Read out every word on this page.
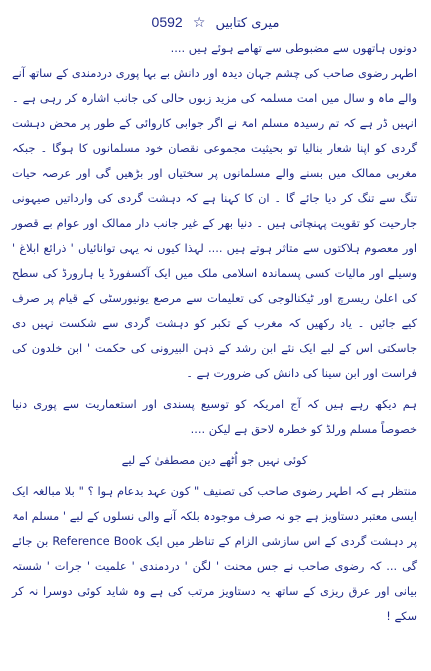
میری کتابیں ☆ 0592

دونوں ہاتھوں سے مضبوطی سے تھامے ہوئے ہیں ....

اطہر رضوی صاحب کی چشم جہان دیدہ اور دانش بے بہا پوری دردمندی کے ساتھ آنے والے ماہ و سال میں امت مسلمہ کی مزید زبوں حالی کی جانب اشارہ کر رہی ہے ۔ انہیں ڈر ہے کہ تم رسیدہ مسلم امۃ نے اگر جوابی کاروائی کے طور پر محض دہشت گردی کو اپنا شعار بنالیا تو بحیثیت مجموعی نقصان خود مسلمانوں کا ہوگا ۔ جبکہ مغربی ممالک میں بسنے والے مسلمانوں پر سختیاں اور بڑھیں گی اور عرصہ حیات تنگ سے تنگ کر دیا جائے گا ۔ ان کا کہنا ہے کہ دہشت گردی کی وارداتیں صیہونی جارحیت کو تقویت پہنچاتی ہیں ۔ دنیا بھر کے غیر جانب دار ممالک اور عوام بے قصور اور معصوم ہلاکتوں سے متاثر ہوتے ہیں .... لہذا کیوں نہ یہی توانائیاں ' ذرائع ابلاغ ' وسیلے اور مالیات کسی پسماندہ اسلامی ملک میں ایک آکسفورڈ یا ہارورڈ کی سطح کی اعلیٰ ریسرچ اور ٹیکنالوجی کی تعلیمات سے مرصع یونیورسٹی کے قیام پر صرف کیے جائیں ۔ یاد رکھیں کہ مغرب کے تکبر کو دہشت گردی سے شکست نہیں دی جاسکتی اس کے لیے ایک نئے ابن رشد کے ذہن البیرونی کی حکمت ' ابن خلدون کی فراست اور ابن سینا کی دانش کی ضرورت ہے ۔

ہم دیکھ رہے ہیں کہ آج امریکہ کو توسیع پسندی اور استعماریت سے پوری دنیا خصوصاً مسلم ورلڈ کو خطرہ لاحق ہے لیکن ....

کوئی نہیں جو اُٹھے دین مصطفیٰ کے لیے

منتظر ہے کہ اطہر رضوی صاحب کی تصنیف " کون عہد بدعام ہوا ؟ " بلا مبالغہ ایک ایسی معتبر دستاویز ہے جو نہ صرف موجودہ بلکہ آنے والی نسلوں کے لیے ' مسلم امۃ پر دہشت گردی کے اس سازشی الزام کے تناظر میں ایک Reference Book بن جائے گی ... کہ رضوی صاحب نے جس محنت ' لگن ' دردمندی ' علمیت ' جرات ' شستہ بیانی اور عرق ریزی کے ساتھ یہ دستاویز مرتب کی ہے وہ شاید کوئی دوسرا نہ کر سکے !
